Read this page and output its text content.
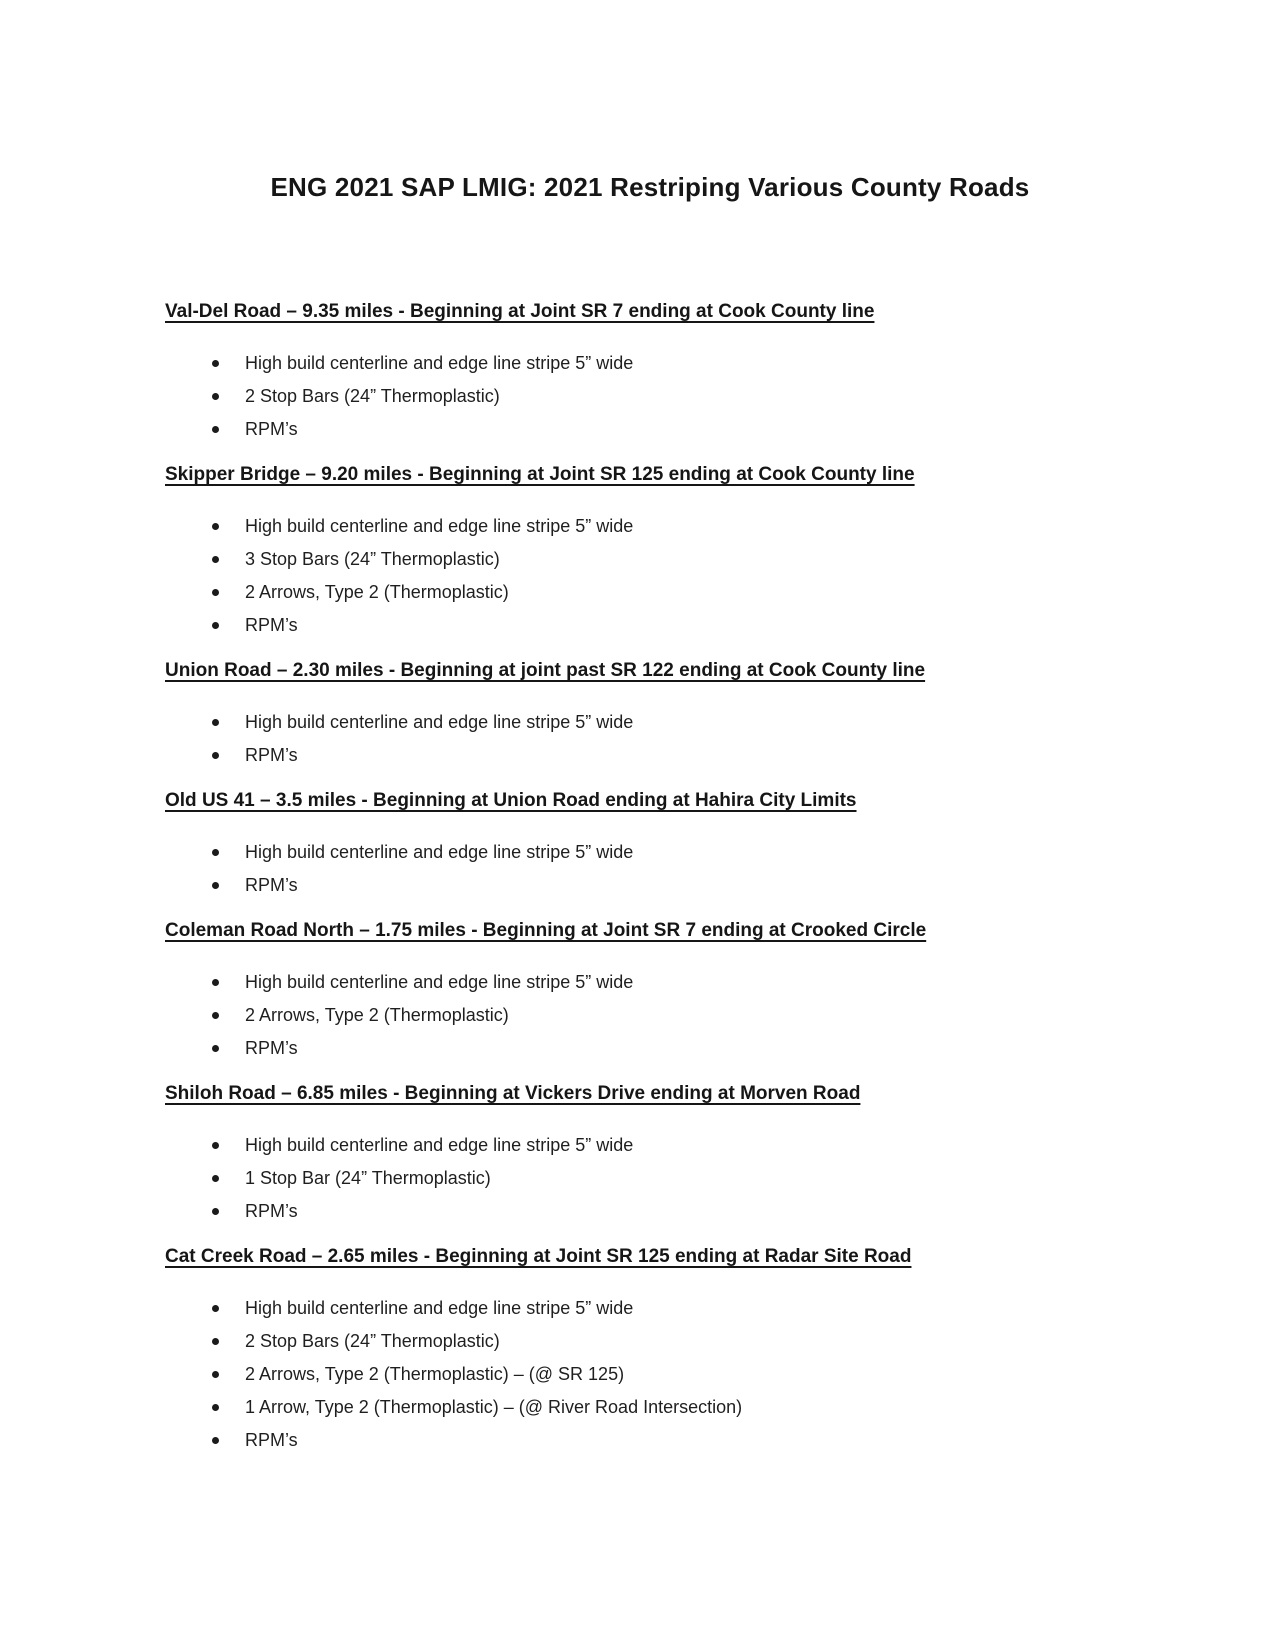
ENG 2021 SAP LMIG: 2021 Restriping Various County Roads
Val-Del Road – 9.35 miles - Beginning at Joint SR 7 ending at Cook County line
High build centerline and edge line stripe 5” wide
2 Stop Bars (24” Thermoplastic)
RPM’s
Skipper Bridge – 9.20 miles - Beginning at Joint SR 125 ending at Cook County line
High build centerline and edge line stripe 5” wide
3 Stop Bars (24” Thermoplastic)
2 Arrows, Type 2 (Thermoplastic)
RPM’s
Union Road – 2.30 miles - Beginning at joint past SR 122 ending at Cook County line
High build centerline and edge line stripe 5” wide
RPM’s
Old US 41 – 3.5 miles - Beginning at Union Road ending at Hahira City Limits
High build centerline and edge line stripe 5” wide
RPM’s
Coleman Road North – 1.75 miles - Beginning at Joint SR 7 ending at Crooked Circle
High build centerline and edge line stripe 5” wide
2 Arrows, Type 2 (Thermoplastic)
RPM’s
Shiloh Road – 6.85 miles - Beginning at Vickers Drive ending at Morven Road
High build centerline and edge line stripe 5” wide
1 Stop Bar (24” Thermoplastic)
RPM’s
Cat Creek Road – 2.65 miles - Beginning at Joint SR 125 ending at Radar Site Road
High build centerline and edge line stripe 5” wide
2 Stop Bars (24” Thermoplastic)
2 Arrows, Type 2 (Thermoplastic) – (@ SR 125)
1 Arrow, Type 2 (Thermoplastic) – (@ River Road Intersection)
RPM’s
